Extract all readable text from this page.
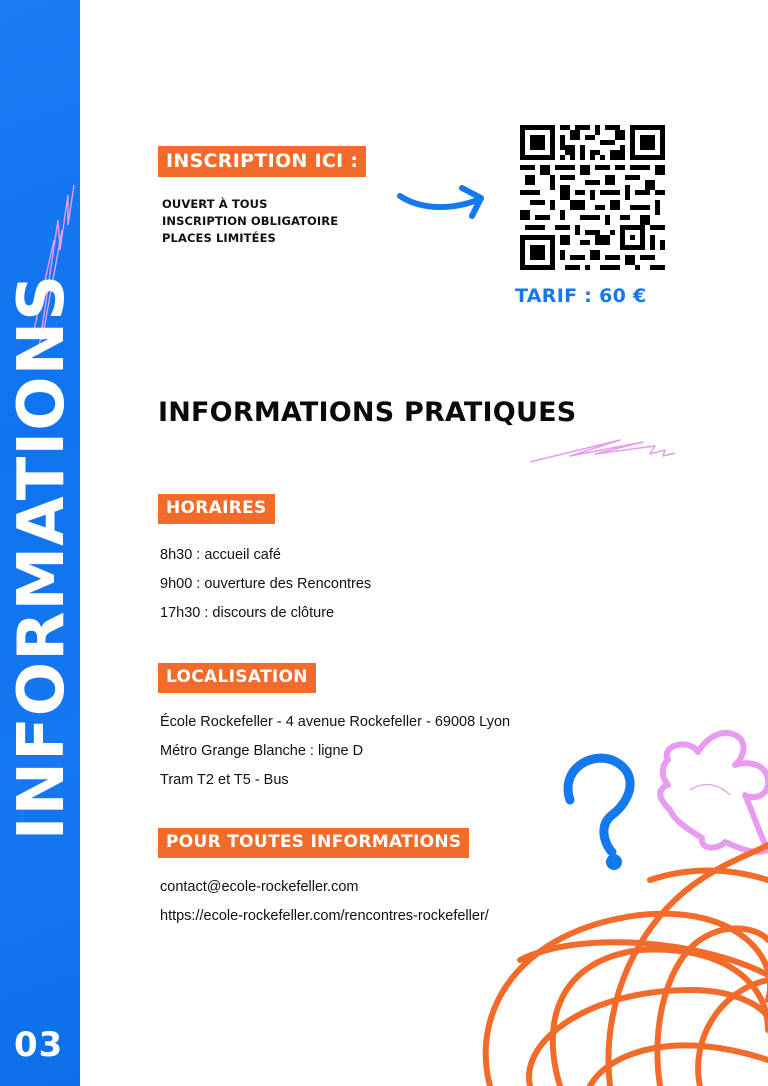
INFORMATIONS
03
INSCRIPTION ICI :
OUVERT À TOUS
INSCRIPTION OBLIGATOIRE
PLACES LIMITÉES
TARIF : 60 €
INFORMATIONS PRATIQUES
HORAIRES
8h30 : accueil café
9h00 : ouverture des Rencontres
17h30 : discours de clôture
LOCALISATION
École Rockefeller - 4 avenue Rockefeller - 69008 Lyon
Métro Grange Blanche : ligne D
Tram T2 et T5 - Bus
POUR TOUTES INFORMATIONS
contact@ecole-rockefeller.com
https://ecole-rockefeller.com/rencontres-rockefeller/
